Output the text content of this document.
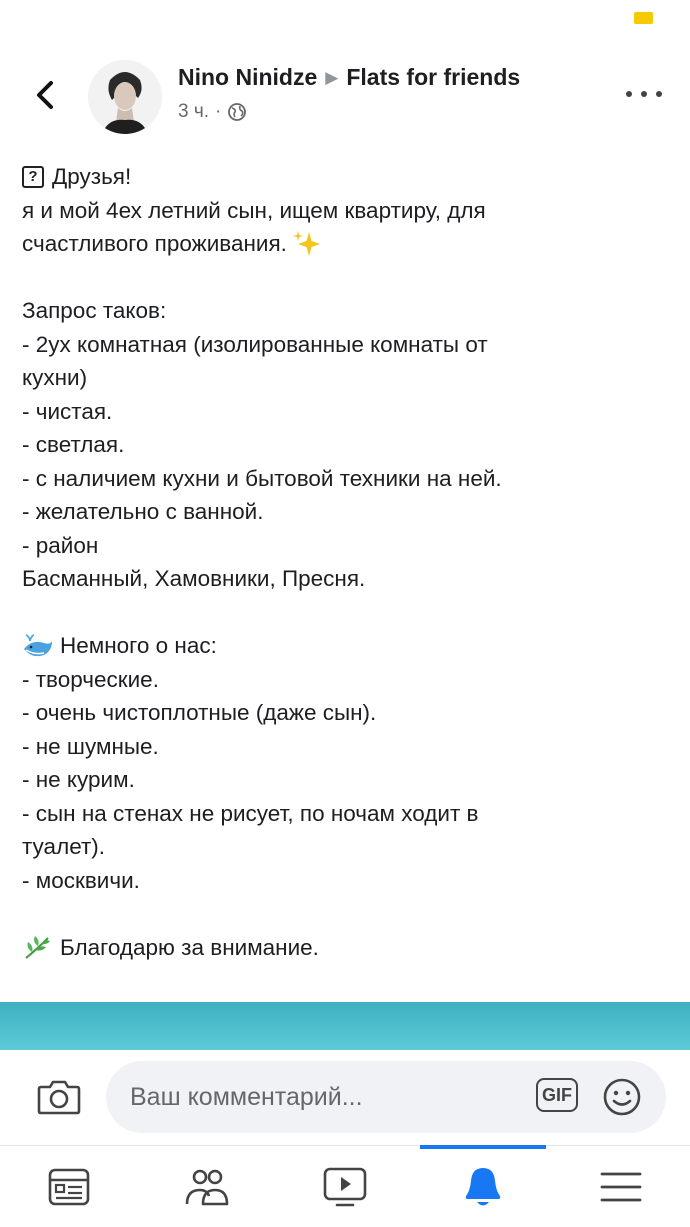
Nino Ninidze ▶ Flats for friends
3 ч. ·
? Друзья!
я и мой 4ех летний сын, ищем квартиру, для
счастливого проживания.
Запрос таков:
- 2ух комнатная (изолированные комнаты от
кухни)
- чистая.
- светлая.
- с наличием кухни и бытовой техники на ней.
- желательно с ванной.
- район
Басманный, Хамовники, Пресня.
Немного о нас:
- творческие.
- очень чистоплотные (даже сын).
- не шумные.
- не курим.
- сын на стенах не рисует, по ночам ходит в
туалет).
- москвичи.
Благодарю за внимание.
Ваш комментарий...	GIF
